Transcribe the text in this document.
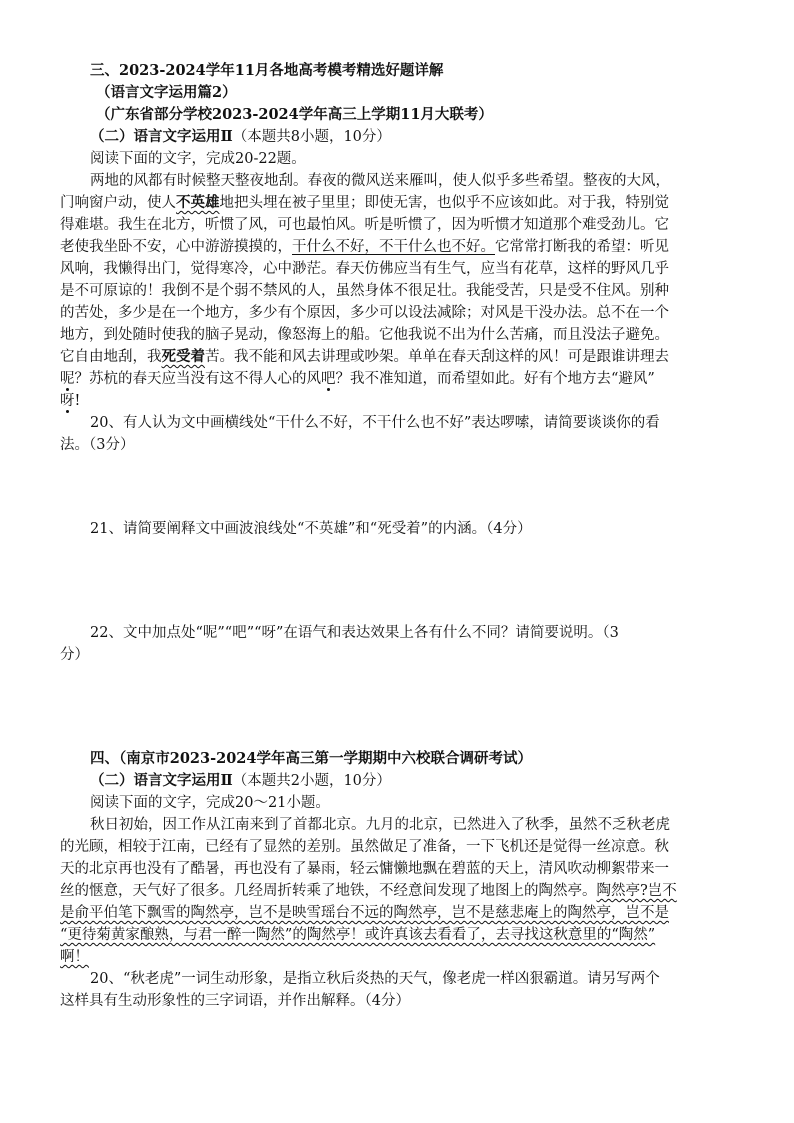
三、2023-2024学年11月各地高考模考精选好题详解
（语言文字运用篇2）
（广东省部分学校2023-2024学年高三上学期11月大联考）
（二）语言文字运用Ⅱ（本题共8小题，10分）
阅读下面的文字，完成20-22题。
两地的风都有时候整天整夜地刮。春夜的微风送来雁叫，使人似乎多些希望。整夜的大风，
门响窗户动，使人不英雄地把头埋在被子里里；即使无害，也似乎不应该如此。对于我，特别觉
得难堪。我生在北方，听惯了风，可也最怕风。听是听惯了，因为听惯才知道那个难受劲儿。它
老使我坐卧不安，心中游游摸摸的，干什么不好，不干什么也不好。它常常打断我的希望：听见
风响，我懒得出门，觉得寒冷，心中渺茫。春天仿佛应当有生气，应当有花草，这样的野风几乎
是不可原谅的！我倒不是个弱不禁风的人，虽然身体不很足壮。我能受苦，只是受不住风。别种
的苦处，多少是在一个地方，多少有个原因，多少可以设法减除；对风是干没办法。总不在一个
地方，到处随时使我的脑子晃动，像怒海上的船。它他我说不出为什么苦痛，而且没法子避免。
它自由地刮，我死受着苦。我不能和风去讲理或吵架。单单在春天刮这样的风！可是跟谁讲理去
呢？苏杭的春天应当没有这不得人心的风吧？我不准知道，而希望如此。好有个地方去“避风”
呀!
20、有人认为文中画横线处“干什么不好，不干什么也不好”表达啰嗦，请简要谈谈你的看
法。（3分）
21、请简要阐释文中画波浪线处“不英雄”和“死受着”的内涵。（4分）
22、文中加点处“呢”“吧”“呀”在语气和表达效果上各有什么不同？请简要说明。（3
分）
四、（南京市2023-2024学年高三第一学期期中六校联合调研考试）
（二）语言文字运用Ⅱ（本题共2小题，10分）
阅读下面的文字，完成20～21小题。
秋日初始，因工作从江南来到了首都北京。九月的北京，已然进入了秋季，虽然不乏秋老虎
的光顾，相较于江南，已经有了显然的差别。虽然做足了准备，一下飞机还是觉得一丝凉意。秋
天的北京再也没有了酷暑，再也没有了暴雨，轻云慵懒地飘在碧蓝的天上，清风吹动柳絮带来一
丝的惬意，天气好了很多。几经周折转乘了地铁，不经意间发现了地图上的陶然亭。陶然亭?岂不
是俞平伯笔下飘雪的陶然亭，岂不是映雪瑶台不远的陶然亭，岂不是慈悲庵上的陶然亭，岂不是
“更待菊黄家酿熟，与君一醉一陶然”的陶然亭！或许真该去看看了，去寻找这秋意里的“陶然”
啊！
20、“秋老虎”一词生动形象，是指立秋后炎热的天气，像老虎一样凶狠霸道。请另写两个
这样具有生动形象性的三字词语，并作出解释。（4分）
